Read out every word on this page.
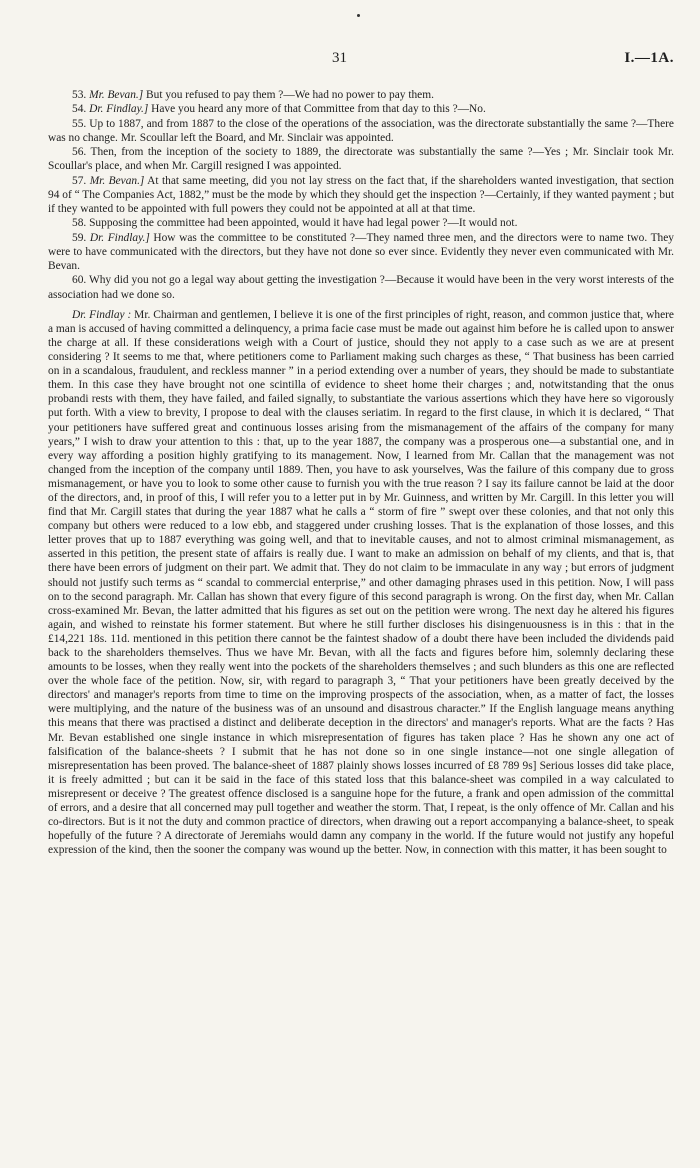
31	I.—1A.

53. Mr. Bevan.] But you refused to pay them ?—We had no power to pay them.

54. Dr. Findlay.] Have you heard any more of that Committee from that day to this ?—No.

55. Up to 1887, and from 1887 to the close of the operations of the association, was the directorate substantially the same ?—There was no change. Mr. Scoullar left the Board, and Mr. Sinclair was appointed.

56. Then, from the inception of the society to 1889, the directorate was substantially the same ?—Yes ; Mr. Sinclair took Mr. Scoullar's place, and when Mr. Cargill resigned I was appointed.

57. Mr. Bevan.] At that same meeting, did you not lay stress on the fact that, if the shareholders wanted investigation, that section 94 of “ The Companies Act, 1882,” must be the mode by which they should get the inspection ?—Certainly, if they wanted payment ; but if they wanted to be appointed with full powers they could not be appointed at all at that time.

58. Supposing the committee had been appointed, would it have had legal power ?—It would not.

59. Dr. Findlay.] How was the committee to be constituted ?—They named three men, and the directors were to name two. They were to have communicated with the directors, but they have not done so ever since. Evidently they never even communicated with Mr. Bevan.

60. Why did you not go a legal way about getting the investigation ?—Because it would have been in the very worst interests of the association had we done so.

Dr. Findlay : Mr. Chairman and gentlemen, I believe it is one of the first principles of right, reason, and common justice that, where a man is accused of having committed a delinquency, a prima facie case must be made out against him before he is called upon to answer the charge at all. If these considerations weigh with a Court of justice, should they not apply to a case such as we are at present considering ? It seems to me that, where petitioners come to Parliament making such charges as these, “ That business has been carried on in a scandalous, fraudulent, and reckless manner ” in a period extending over a number of years, they should be made to substantiate them. In this case they have brought not one scintilla of evidence to sheet home their charges ; and, notwitstanding that the onus probandi rests with them, they have failed, and failed signally, to substantiate the various assertions which they have here so vigorously put forth. With a view to brevity, I propose to deal with the clauses seriatim. In regard to the first clause, in which it is declared, “ That your petitioners have suffered great and continuous losses arising from the mismanagement of the affairs of the company for many years,” I wish to draw your attention to this : that, up to the year 1887, the company was a prosperous one—a substantial one, and in every way affording a position highly gratifying to its management. Now, I learned from Mr. Callan that the management was not changed from the inception of the company until 1889. Then, you have to ask yourselves, Was the failure of this company due to gross mismanagement, or have you to look to some other cause to furnish you with the true reason ? I say its failure cannot be laid at the door of the directors, and, in proof of this, I will refer you to a letter put in by Mr. Guinness, and written by Mr. Cargill. In this letter you will find that Mr. Cargill states that during the year 1887 what he calls a “ storm of fire ” swept over these colonies, and that not only this company but others were reduced to a low ebb, and staggered under crushing losses. That is the explanation of those losses, and this letter proves that up to 1887 everything was going well, and that to inevitable causes, and not to almost criminal mismanagement, as asserted in this petition, the present state of affairs is really due. I want to make an admission on behalf of my clients, and that is, that there have been errors of judgment on their part. We admit that. They do not claim to be immaculate in any way ; but errors of judgment should not justify such terms as “ scandal to commercial enterprise,” and other damaging phrases used in this petition. Now, I will pass on to the second paragraph. Mr. Callan has shown that every figure of this second paragraph is wrong. On the first day, when Mr. Callan cross-examined Mr. Bevan, the latter admitted that his figures as set out on the petition were wrong. The next day he altered his figures again, and wished to reinstate his former statement. But where he still further discloses his disingenuousness is in this : that in the £14,221 18s. 11d. mentioned in this petition there cannot be the faintest shadow of a doubt there have been included the dividends paid back to the shareholders themselves. Thus we have Mr. Bevan, with all the facts and figures before him, solemnly declaring these amounts to be losses, when they really went into the pockets of the shareholders themselves ; and such blunders as this one are reflected over the whole face of the petition. Now, sir, with regard to paragraph 3, “ That your petitioners have been greatly deceived by the directors' and manager's reports from time to time on the improving prospects of the association, when, as a matter of fact, the losses were multiplying, and the nature of the business was of an unsound and disastrous character.” If the English language means anything this means that there was practised a distinct and deliberate deception in the directors' and manager's reports. What are the facts ? Has Mr. Bevan established one single instance in which misrepresentation of figures has taken place ? Has he shown any one act of falsification of the balance-sheets ? I submit that he has not done so in one single instance—not one single allegation of misrepresentation has been proved. The balance-sheet of 1887 plainly shows losses incurred of £8 789 9s] Serious losses did take place, it is freely admitted ; but can it be said in the face of this stated loss that this balance-sheet was compiled in a way calculated to misrepresent or deceive ? The greatest offence disclosed is a sanguine hope for the future, a frank and open admission of the committal of errors, and a desire that all concerned may pull together and weather the storm. That, I repeat, is the only offence of Mr. Callan and his co-directors. But is it not the duty and common practice of directors, when drawing out a report accompanying a balance-sheet, to speak hopefully of the future ? A directorate of Jeremiahs would damn any company in the world. If the future would not justify any hopeful expression of the kind, then the sooner the company was wound up the better. Now, in connection with this matter, it has been sought to
